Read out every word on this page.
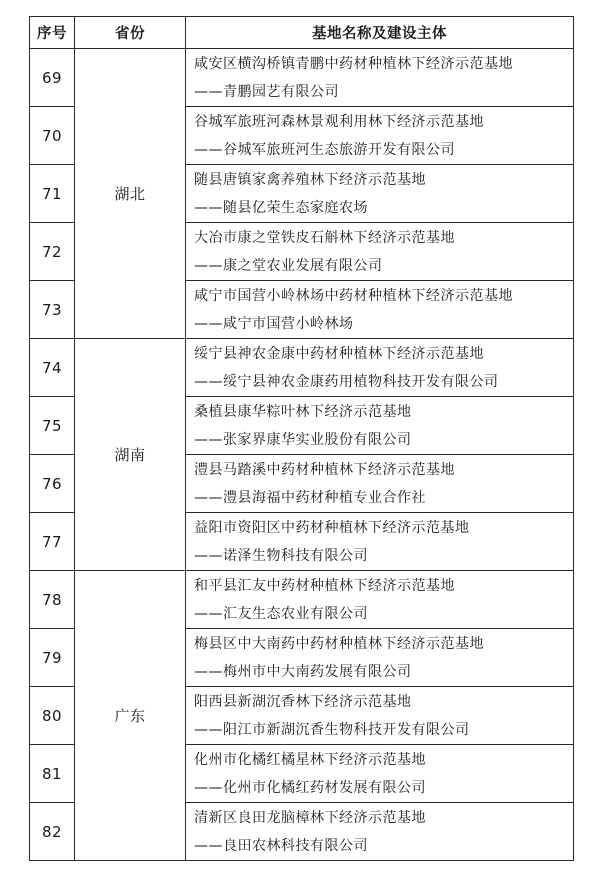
序号	省份	基地名称及建设主体
69	湖北	咸安区横沟桥镇青鹏中药材种植林下经济示范基地
——青鹏园艺有限公司

70		谷城军旅班河森林景观利用林下经济示范基地
——谷城军旅班河生态旅游开发有限公司

71		随县唐镇家禽养殖林下经济示范基地
——随县亿荣生态家庭农场

72		大冶市康之堂铁皮石斛林下经济示范基地
——康之堂农业发展有限公司

73		咸宁市国营小岭林场中药材种植林下经济示范基地
——咸宁市国营小岭林场

74	湖南	绥宁县神农金康中药材种植林下经济示范基地
——绥宁县神农金康药用植物科技开发有限公司

75		桑植县康华粽叶林下经济示范基地
——张家界康华实业股份有限公司

76		澧县马踏溪中药材种植林下经济示范基地
——澧县海福中药材种植专业合作社

77		益阳市资阳区中药材种植林下经济示范基地
——诺泽生物科技有限公司

78	广东	和平县汇友中药材种植林下经济示范基地
——汇友生态农业有限公司

79		梅县区中大南药中药材种植林下经济示范基地
——梅州市中大南药发展有限公司

80		阳西县新湖沉香林下经济示范基地
——阳江市新湖沉香生物科技开发有限公司

81		化州市化橘红橘星林下经济示范基地
——化州市化橘红药材发展有限公司

82		清新区良田龙脑樟林下经济示范基地
——良田农林科技有限公司
